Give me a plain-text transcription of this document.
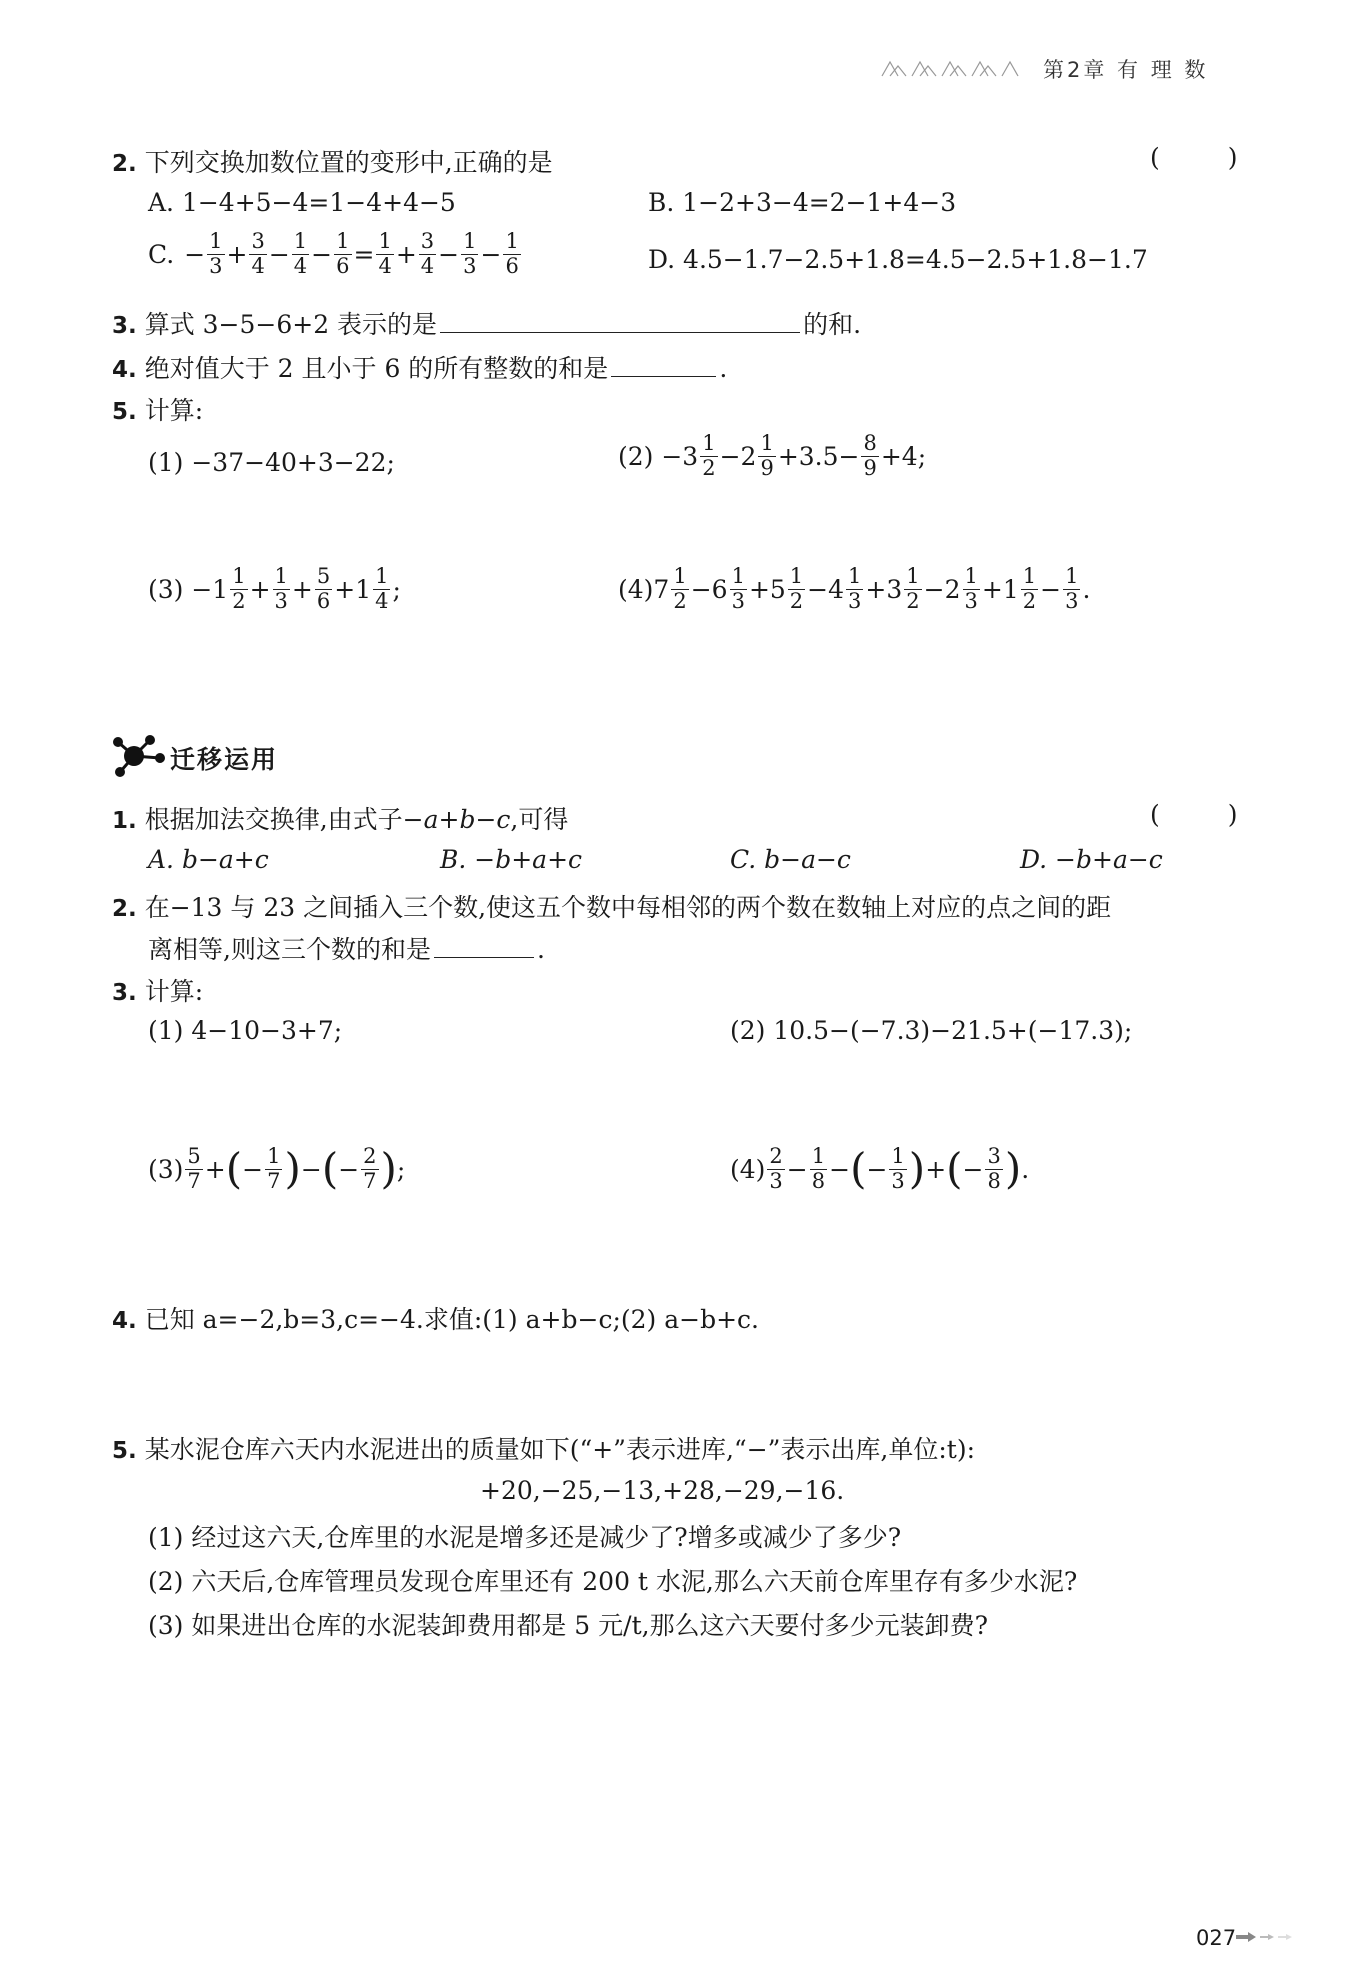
第2章 有 理 数
2. 下列交换加数位置的变形中,正确的是	( )
A. 1−4+5−4=1−4+4−5	B. 1−2+3−4=2−1+4−3
C. − $\frac{1}{3} + \frac{3}{4} - \frac{1}{4} - \frac{1}{6} = \frac{1}{4} + \frac{3}{4} - \frac{1}{3} - \frac{1}{6}$	D. 4.5−1.7−2.5+1.8=4.5−2.5+1.8−1.7
3. 算式 3−5−6+2 表示的是	的和.
4. 绝对值大于 2 且小于 6 的所有整数的和是	.
5. 计算:
(1) −37−40+3−22;	$(2) -3 \frac{1}{2} -2 \frac{1}{9} +3.5- \frac{8}{9} +4$;
$(3) -1 \frac{1}{2} + \frac{1}{3} + \frac{5}{6} +1 \frac{1}{4}$ ;	(4) $7 \frac{1}{2} -6 \frac{1}{3} +5 \frac{1}{2} -4 \frac{1}{3} +3 \frac{1}{2} -2 \frac{1}{3} +1 \frac{1}{2} - \frac{1}{3}$ .
迁移运用
1. 根据加法交换律,由式子−a+b−c,可得	( )
A. b−a+c	B. −b+a+c	C. b−a−c	D. −b+a−c
2. 在−13 与 23 之间插入三个数,使这五个数中每相邻的两个数在数轴上对应的点之间的距
离相等,则这三个数的和是	.
3. 计算:
(1) 4−10−3+7;	(2) 10.5−(−7.3)−21.5+(−17.3);
$(3) \frac{5}{7}$ + ( − $\frac{1}{7}$ ) − ( − $\frac{2}{7}$ ) ;	$(4) \frac{2}{3} - \frac{1}{8}$ − ( − $\frac{1}{3}$ ) + ( − $\frac{3}{8}$ ) .
4. 已知 a=−2,b=3,c=−4.求值:(1) a+b−c;(2) a−b+c.
5. 某水泥仓库六天内水泥进出的质量如下(“+”表示进库,“−”表示出库,单位:t):
+20,−25,−13,+28,−29,−16.
(1) 经过这六天,仓库里的水泥是增多还是减少了?增多或减少了多少?
(2) 六天后,仓库管理员发现仓库里还有 200 t 水泥,那么六天前仓库里存有多少水泥?
(3) 如果进出仓库的水泥装卸费用都是 5 元/t,那么这六天要付多少元装卸费?
027
